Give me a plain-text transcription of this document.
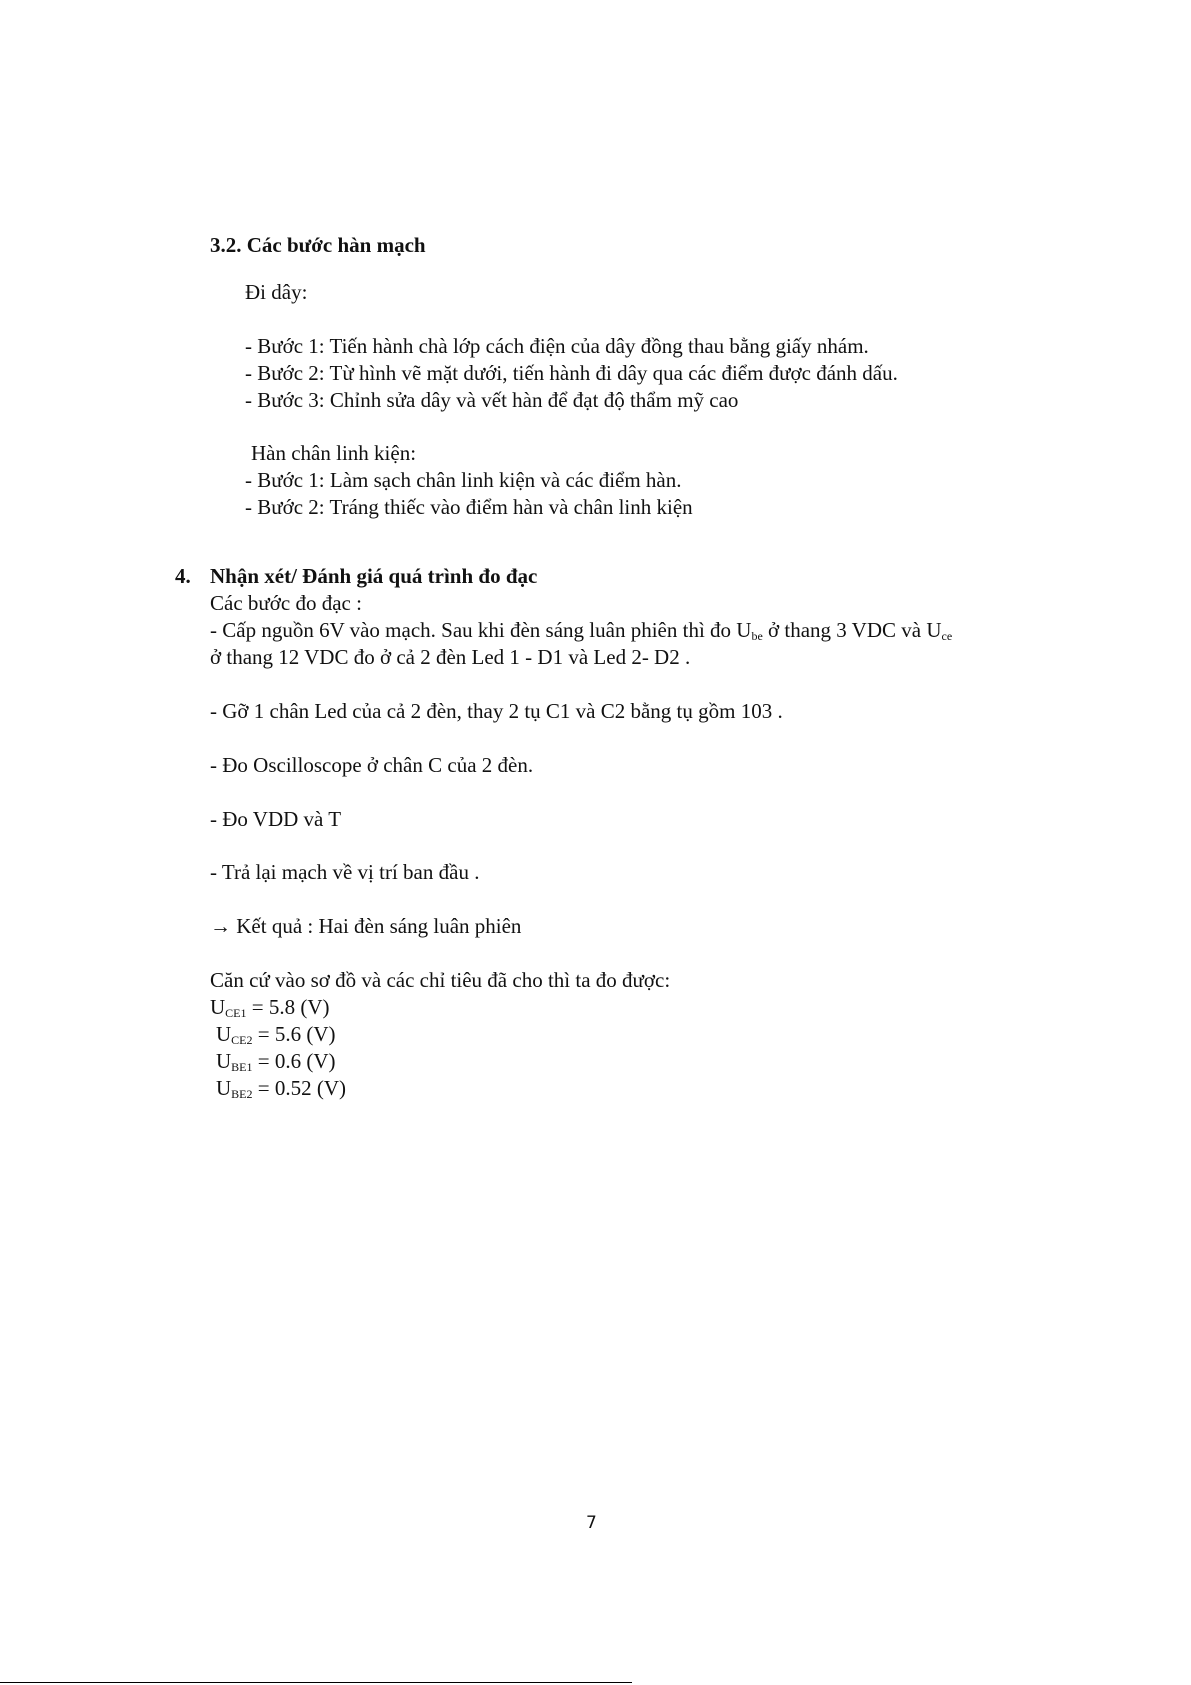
3.2. Các bước hàn mạch
Đi dây:
- Bước 1: Tiến hành chà lớp cách điện của dây đồng thau bằng giấy nhám.
- Bước 2: Từ hình vẽ mặt dưới, tiến hành đi dây qua các điểm được đánh dấu.
- Bước 3: Chỉnh sửa dây và vết hàn để đạt độ thẩm mỹ cao
Hàn chân linh kiện:
- Bước 1: Làm sạch chân linh kiện và các điểm hàn.
- Bước 2: Tráng thiếc vào điểm hàn và chân linh kiện
4. Nhận xét/ Đánh giá quá trình đo đạc
Các bước đo đạc :
- Cấp nguồn 6V vào mạch. Sau khi đèn sáng luân phiên thì đo $U_{be}$ ở thang 3 VDC và $U_{ce}$
ở thang 12 VDC đo ở cả 2 đèn Led 1 - D1 và Led 2- D2 .
- Gỡ 1 chân Led của cả 2 đèn, thay 2 tụ C1 và C2 bằng tụ gồm 103 .
- Đo Oscilloscope ở chân C của 2 đèn.
- Đo VDD và T
- Trả lại mạch về vị trí ban đầu .
→ Kết quả : Hai đèn sáng luân phiên
Căn cứ vào sơ đồ và các chỉ tiêu đã cho thì ta đo được:
$U_{CE1} = 5.8$ (V)
$U_{CE2} = 5.6$ (V)
$U_{BE1} = 0.6$ (V)
$U_{BE2} = 0.52$ (V)
7
